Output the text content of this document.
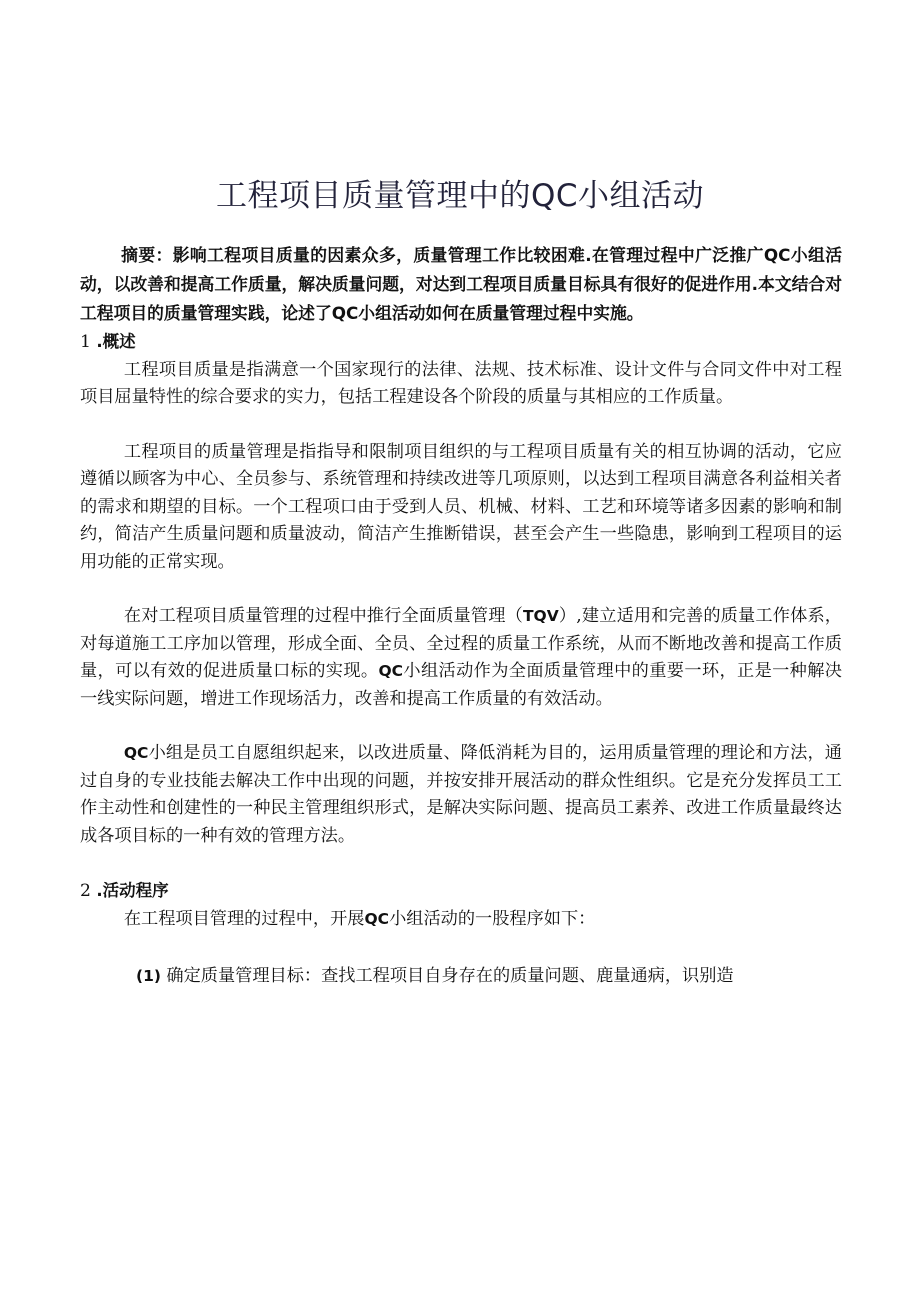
工程项目质量管理中的QC小组活动

摘要：影响工程项目质量的因素众多，质量管理工作比较困难.在管理过程中广泛推广QC小组活动，以改善和提高工作质量，解决质量问题，对达到工程项目质量目标具有很好的促进作用.本文结合对工程项目的质量管理实践，论述了QC小组活动如何在质量管理过程中实施。

1 .概述

工程项目质量是指满意一个国家现行的法律、法规、技术标准、设计文件与合同文件中对工程项目屈量特性的综合要求的实力，包括工程建设各个阶段的质量与其相应的工作质量。

工程项目的质量管理是指指导和限制项目组织的与工程项目质量有关的相互协调的活动，它应遵循以顾客为中心、全员参与、系统管理和持续改进等几项原则，以达到工程项目满意各利益相关者的需求和期望的目标。一个工程项口由于受到人员、机械、材料、工艺和环境等诸多因素的影响和制约，简洁产生质量问题和质量波动，简洁产生推断错误，甚至会产生一些隐患，影响到工程项目的运用功能的正常实现。

在对工程项目质量管理的过程中推行全面质量管理（TQV）,建立适用和完善的质量工作体系，对每道施工工序加以管理，形成全面、全员、全过程的质量工作系统，从而不断地改善和提高工作质量，可以有效的促进质量口标的实现。QC小组活动作为全面质量管理中的重要一环，正是一种解决一线实际问题，增进工作现场活力，改善和提高工作质量的有效活动。

QC小组是员工自愿组织起来，以改进质量、降低消耗为目的，运用质量管理的理论和方法，通过自身的专业技能去解决工作中出现的问题，并按安排开展活动的群众性组织。它是充分发挥员工工作主动性和创建性的一种民主管理组织形式，是解决实际问题、提高员工素养、改进工作质量最终达成各项目标的一种有效的管理方法。

2 .活动程序

在工程项目管理的过程中，开展QC小组活动的一股程序如下：

(1) 确定质量管理目标：查找工程项目自身存在的质量问题、鹿量通病，识别造
